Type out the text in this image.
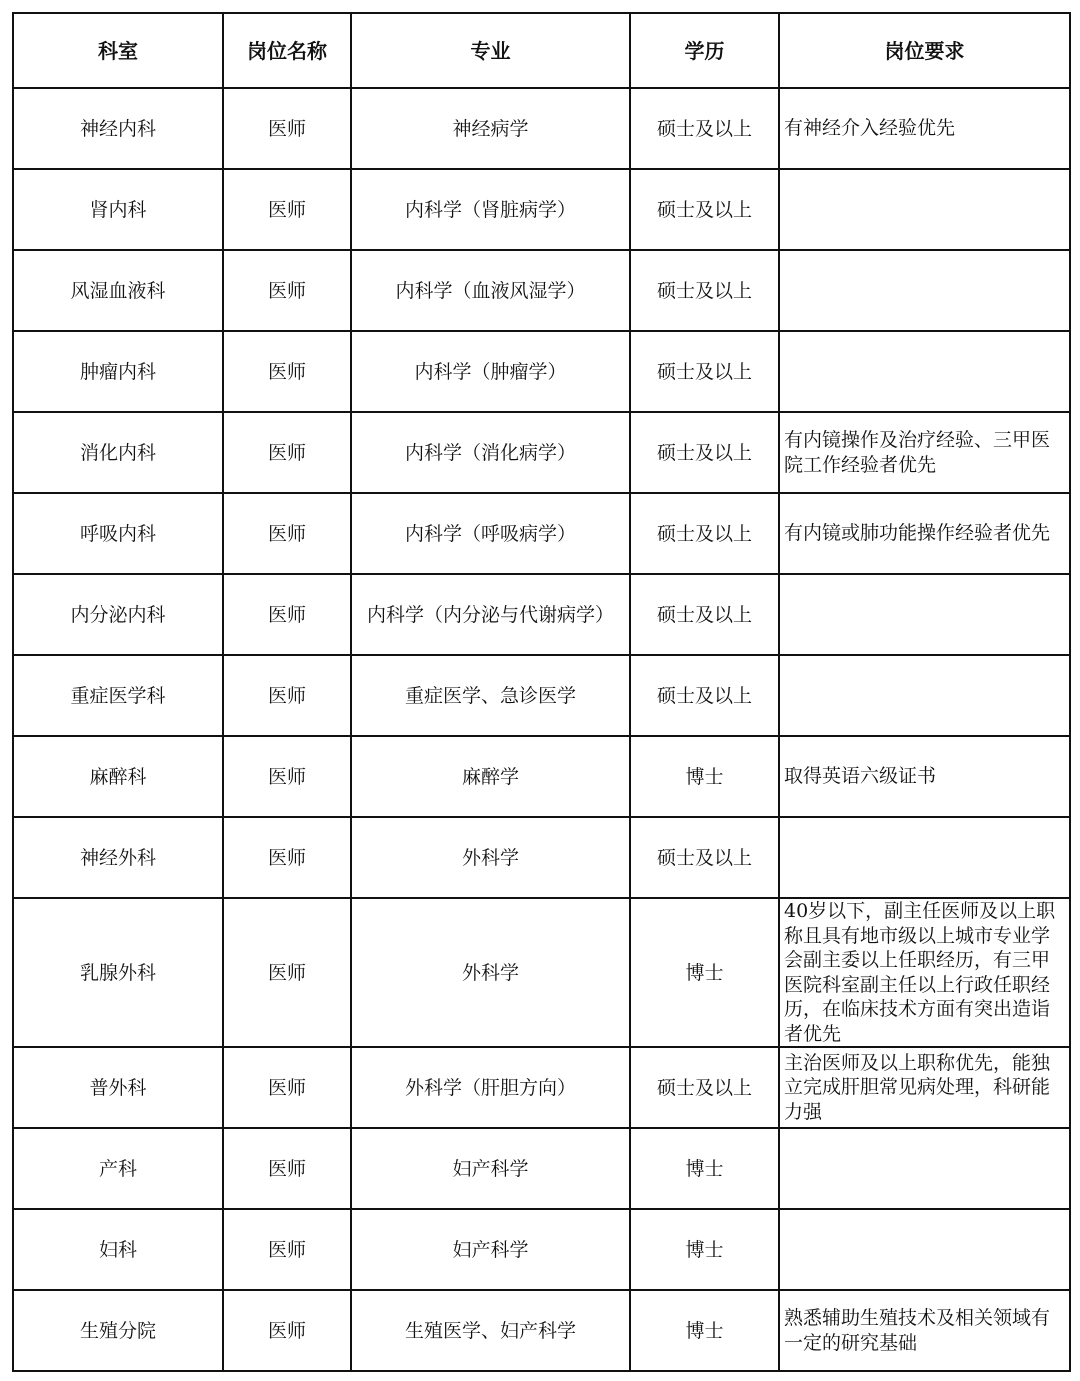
科室	岗位名称	专业	学历	岗位要求
神经内科	医师	神经病学	硕士及以上	有神经介入经验优先
肾内科	医师	内科学（肾脏病学）	硕士及以上	
风湿血液科	医师	内科学（血液风湿学）	硕士及以上	
肿瘤内科	医师	内科学（肿瘤学）	硕士及以上	
消化内科	医师	内科学（消化病学）	硕士及以上	有内镜操作及治疗经验、三甲医院工作经验者优先
呼吸内科	医师	内科学（呼吸病学）	硕士及以上	有内镜或肺功能操作经验者优先
内分泌内科	医师	内科学（内分泌与代谢病学）	硕士及以上	
重症医学科	医师	重症医学、急诊医学	硕士及以上	
麻醉科	医师	麻醉学	博士	取得英语六级证书
神经外科	医师	外科学	硕士及以上	
乳腺外科	医师	外科学	博士	40岁以下，副主任医师及以上职称且具有地市级以上城市专业学会副主委以上任职经历，有三甲医院科室副主任以上行政任职经历，在临床技术方面有突出造诣者优先
普外科	医师	外科学（肝胆方向）	硕士及以上	主治医师及以上职称优先，能独立完成肝胆常见病处理，科研能力强
产科	医师	妇产科学	博士	
妇科	医师	妇产科学	博士	
生殖分院	医师	生殖医学、妇产科学	博士	熟悉辅助生殖技术及相关领域有一定的研究基础
